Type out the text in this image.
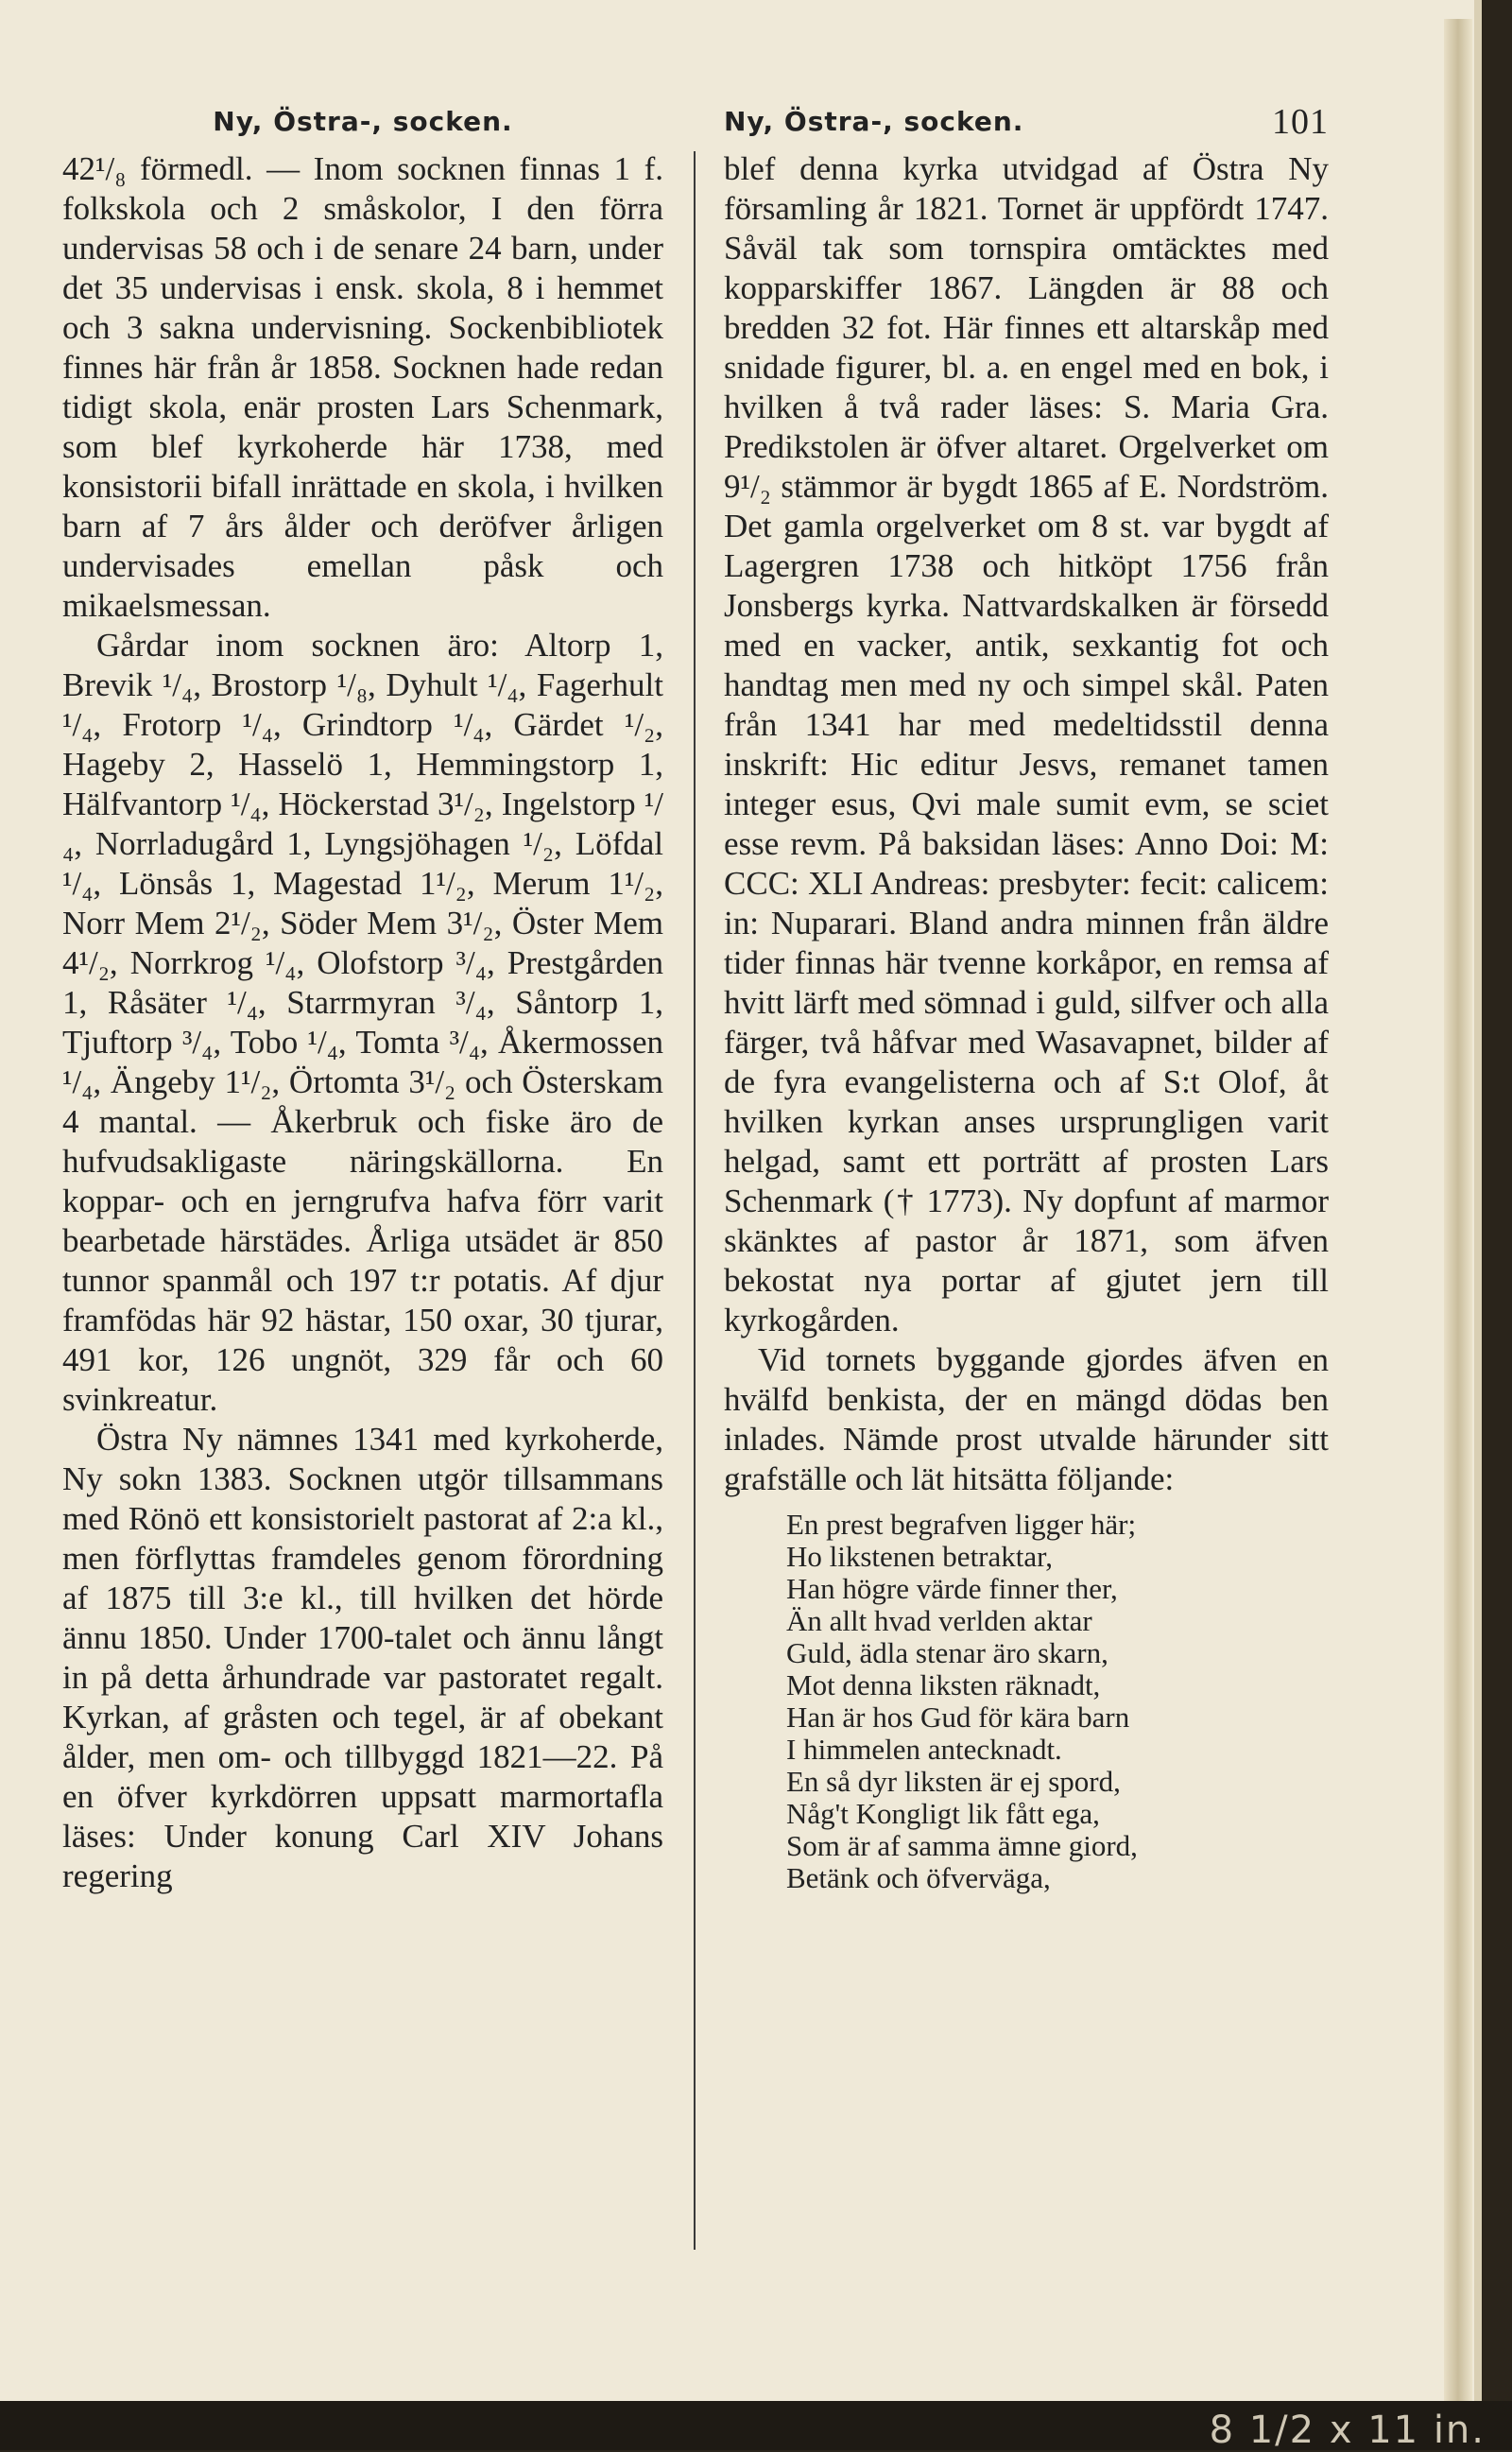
Ny, Östra-, socken.

42¹/₈ förmedl. — Inom socknen finnas 1 f. folkskola och 2 småskolor, I den förra undervisas 58 och i de senare 24 barn, under det 35 undervisas i ensk. skola, 8 i hemmet och 3 sakna undervisning. Sockenbibliotek finnes här från år 1858. Socknen hade redan tidigt skola, enär prosten Lars Schenmark, som blef kyrkoherde här 1738, med konsistorii bifall inrättade en skola, i hvilken barn af 7 års ålder och deröfver årligen undervisades emellan påsk och mikaelsmessan.

Gårdar inom socknen äro: Altorp 1, Brevik ¹/₄, Brostorp ¹/₈, Dyhult ¹/₄, Fagerhult ¹/₄, Frotorp ¹/₄, Grindtorp ¹/₄, Gärdet ¹/₂, Hageby 2, Hasselö 1, Hemmingstorp 1, Hälfvantorp ¹/₄, Höckerstad 3¹/₂, Ingelstorp ¹/₄, Norrladugård 1, Lyngsjöhagen ¹/₂, Löfdal ¹/₄, Lönsås 1, Magestad 1¹/₂, Merum 1¹/₂, Norr Mem 2¹/₂, Söder Mem 3¹/₂, Öster Mem 4¹/₂, Norrkrog ¹/₄, Olofstorp ³/₄, Prestgården 1, Råsäter ¹/₄, Starrmyran ³/₄, Såntorp 1, Tjuftorp ³/₄, Tobo ¹/₄, Tomta ³/₄, Åkermossen ¹/₄, Ängeby 1¹/₂, Örtomta 3¹/₂ och Österskam 4 mantal. — Åkerbruk och fiske äro de hufvudsakligaste näringskällorna. En koppar- och en jerngrufva hafva förr varit bearbetade härstädes. Årliga utsädet är 850 tunnor spanmål och 197 t:r potatis. Af djur framfödas här 92 hästar, 150 oxar, 30 tjurar, 491 kor, 126 ungnöt, 329 får och 60 svinkreatur.

Östra Ny nämnes 1341 med kyrkoherde, Ny sokn 1383. Socknen utgör tillsammans med Rönö ett konsistorielt pastorat af 2:a kl., men förflyttas framdeles genom förordning af 1875 till 3:e kl., till hvilken det hörde ännu 1850. Under 1700-talet och ännu långt in på detta århundrade var pastoratet regalt. Kyrkan, af gråsten och tegel, är af obekant ålder, men om- och tillbyggd 1821—22. På en öfver kyrkdörren uppsatt marmortafla läses: Under konung Carl XIV Johans regering

Ny, Östra-, socken.	101

blef denna kyrka utvidgad af Östra Ny församling år 1821. Tornet är uppfördt 1747. Såväl tak som tornspira omtäcktes med kopparskiffer 1867. Längden är 88 och bredden 32 fot. Här finnes ett altarskåp med snidade figurer, bl. a. en engel med en bok, i hvilken å två rader läses: S. Maria Gra. Predikstolen är öfver altaret. Orgelverket om 9¹/₂ stämmor är bygdt 1865 af E. Nordström. Det gamla orgelverket om 8 st. var bygdt af Lagergren 1738 och hitköpt 1756 från Jonsbergs kyrka. Nattvardskalken är försedd med en vacker, antik, sexkantig fot och handtag men med ny och simpel skål. Paten från 1341 har med medeltidsstil denna inskrift: Hic editur Jesvs, remanet tamen integer esus, Qvi male sumit evm, se sciet esse revm. På baksidan läses: Anno Doi: M: CCC: XLI Andreas: presbyter: fecit: calicem: in: Nuparari. Bland andra minnen från äldre tider finnas här tvenne korkåpor, en remsa af hvitt lärft med sömnad i guld, silfver och alla färger, två håfvar med Wasavapnet, bilder af de fyra evangelisterna och af S:t Olof, åt hvilken kyrkan anses ursprungligen varit helgad, samt ett porträtt af prosten Lars Schenmark († 1773). Ny dopfunt af marmor skänktes af pastor år 1871, som äfven bekostat nya portar af gjutet jern till kyrkogården.

Vid tornets byggande gjordes äfven en hvälfd benkista, der en mängd dödas ben inlades. Nämde prost utvalde härunder sitt grafställe och lät hitsätta följande:

En prest begrafven ligger här;
Ho likstenen betraktar,
Han högre värde finner ther,
Än allt hvad verlden aktar
Guld, ädla stenar äro skarn,
Mot denna liksten räknadt,
Han är hos Gud för kära barn
I himmelen antecknadt.
En så dyr liksten är ej spord,
Någ't Kongligt lik fått ega,
Som är af samma ämne giord,
Betänk och öfverväga,
8 1/2 x 11 in.
